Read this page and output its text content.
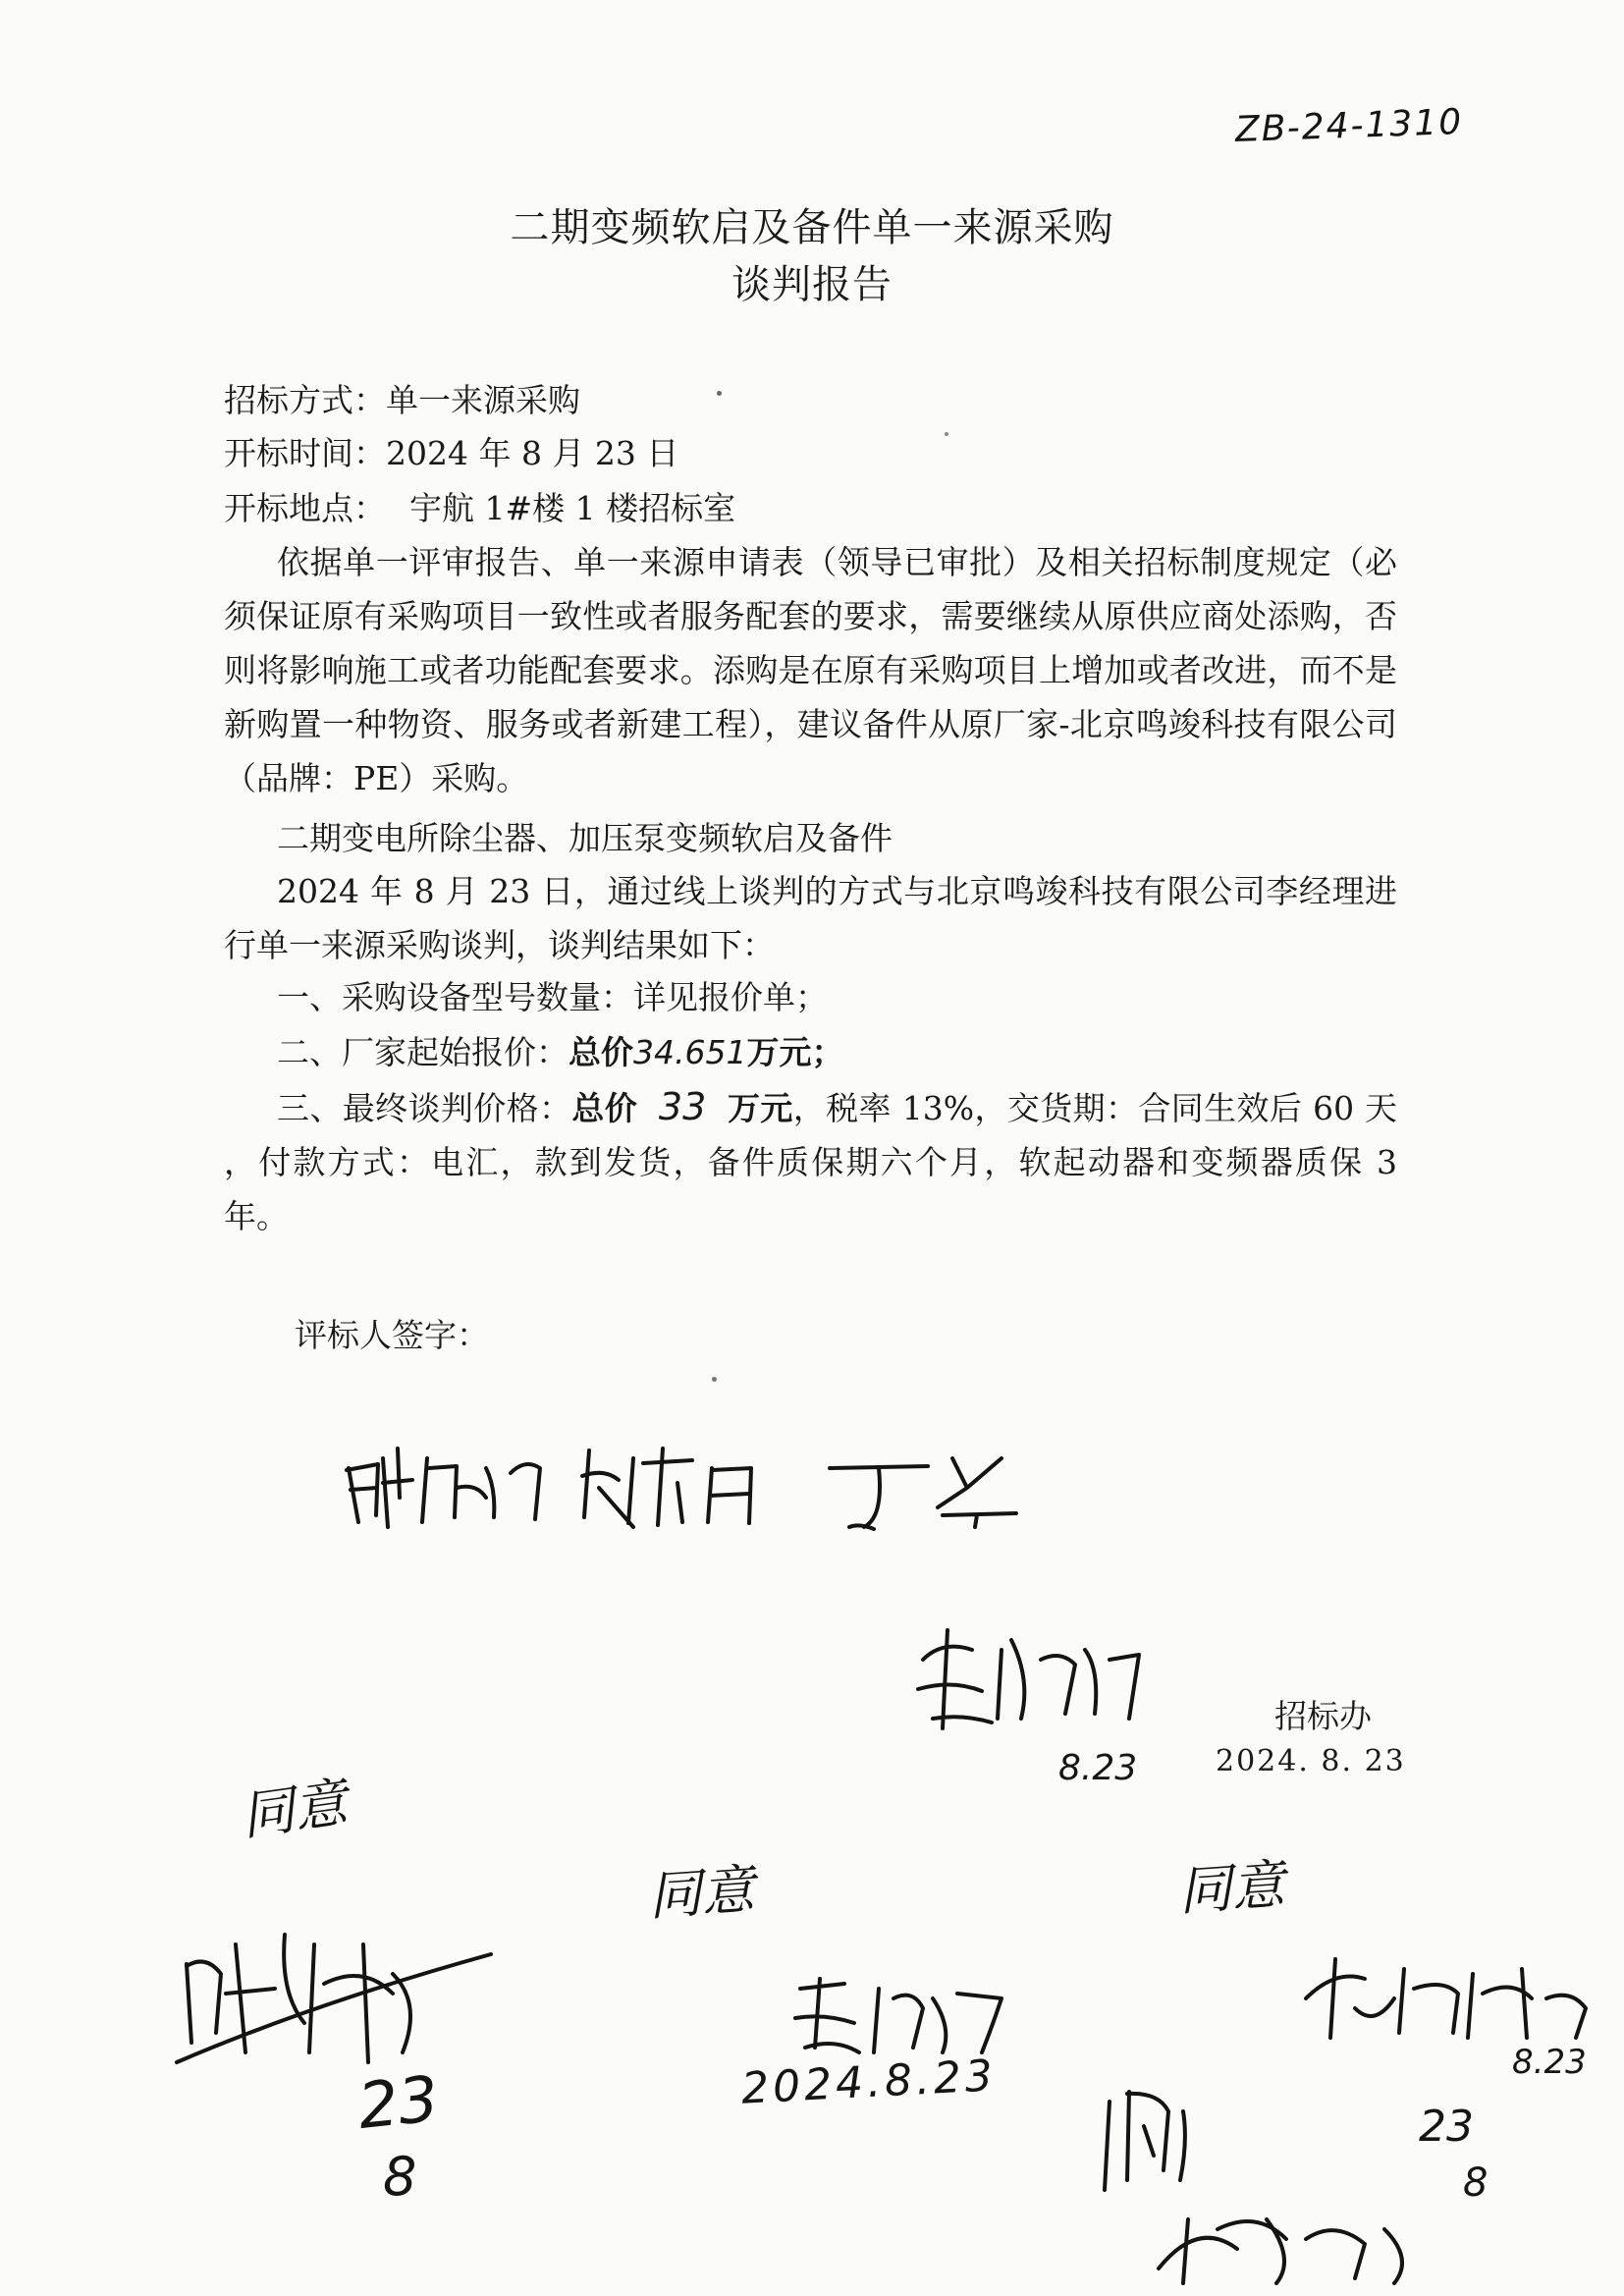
ZB-24-1310
二期变频软启及备件单一来源采购
谈判报告
招标方式：单一来源采购
开标时间：2024 年 8 月 23 日
开标地点： 宇航 1#楼 1 楼招标室
依据单一评审报告、单一来源申请表（领导已审批）及相关招标制度规定（必须保证原有采购项目一致性或者服务配套的要求，需要继续从原供应商处添购，否则将影响施工或者功能配套要求。添购是在原有采购项目上增加或者改进，而不是新购置一种物资、服务或者新建工程），建议备件从原厂家-北京鸣竣科技有限公司（品牌：PE）采购。
二期变电所除尘器、加压泵变频软启及备件
2024 年 8 月 23 日，通过线上谈判的方式与北京鸣竣科技有限公司李经理进行单一来源采购谈判，谈判结果如下：
一、采购设备型号数量：详见报价单；
二、厂家起始报价：总价34.651万元；
三、最终谈判价格：总价 33 万元，税率 13%，交货期：合同生效后 60 天 ，付款方式：电汇，款到发货，备件质保期六个月，软起动器和变频器质保 3 年。
评标人签字：
8.23
招标办
2024. 8. 23
同意
同意	同意
23
8
2024.8.23	8.23
23
8
